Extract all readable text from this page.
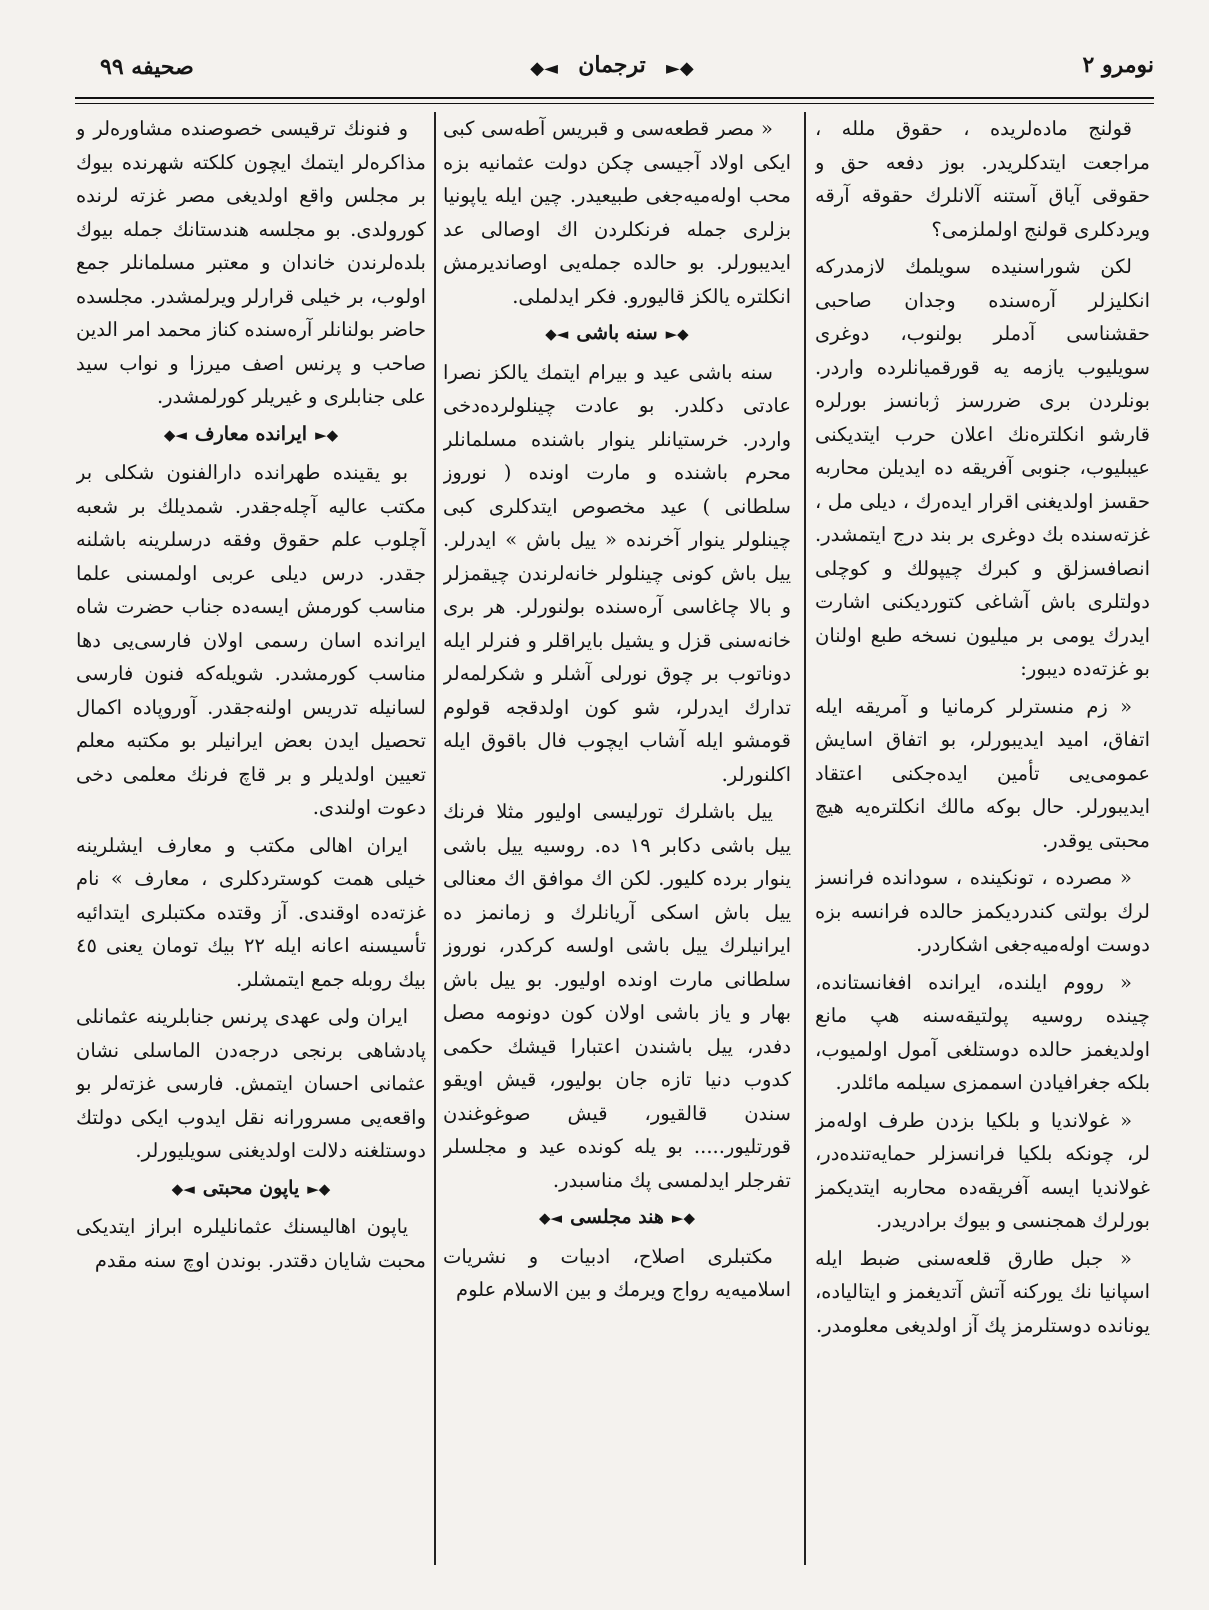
صحیفه ۹۹	◄◆ ترجمان ◆►	نومرو ۲
قولنج ماده‌لریده ، حقوق ملله ، مراجعت ایتدکلریدر. بوز دفعه حق و حقوقی آیاق آستنه آلانلرك حقوقه آرقه ویردکلری قولنج اولملزمی؟
لکن شوراسنیده سویلمك لازمدرکه انکلیزلر آره‌سنده وجدان صاحبی حقشناسی آدملر بولنوب، دوغری سویلیوب یازمه یه قورقمیانلرده واردر. بونلردن بری ضررسز ژبانسز بورلره قارشو انکلتره‌نك اعلان حرب ایتدیکنی عیبلیوب، جنوبی آفریقه ده ایدیلن محاربه حقسز اولدیغنی اقرار ایده‌رك ، دیلی مل ، غزته‌سنده بك دوغری بر بند درج ایتمشدر. انصافسزلق و کبرك چیپولك و کوچلی دولتلری باش آشاغی کتوردیکنی اشارت ایدرك یومی بر میلیون نسخه طبع اولنان بو غزته‌ده دیبور:
« زم منسترلر کرمانیا و آمریقه ایله اتفاق، امید ایدیبورلر، بو اتفاق اسایش عمومی‌یی تأمین ایده‌جکنی اعتقاد ایدیبورلر. حال بوکه مالك انکلتره‌یه هیچ محبتی یوقدر.
« مصرده ، تونکینده ، سوداندە فرانسز لرك بولتی کندردیکمز حالده فرانسه بزه دوست اوله‌میه‌جغی اشکاردر.
« رووم ایلنده، ایرانده افغانستانده، چینده روسیه پولتیقه‌سنه هپ مانع اولدیغمز حالده دوستلغی آمول اولمیوب، بلکه جغرافیادن اسممزی سیلمه مائلدر.
« غولاندیا و بلکیا بزدن طرف اوله‌مز لر، چونکه بلکیا فرانسزلر حمایه‌تنده‌در، غولاندیا ایسه آفریقه‌ده محاربه ایتدیکمز بورلرك همجنسی و بیوك برادریدر.
« جبل طارق قلعه‌سنی ضبط ایله اسپانیا نك یورکنه آتش آتدیغمز و ایتالیاده، یونانده دوستلرمز پك آز اولدیغی معلومدر.
« مصر قطعه‌سی و قبریس آطه‌سی کبی ایکی اولاد آجیسی چکن دولت عثمانیه بزه محب اوله‌میه‌جغی طبیعیدر. چین ایله یاپونیا بزلری جمله فرنکلردن اك اوصالی عد ایدیبورلر. بو حالده جمله‌یی اوصاندیرمش انکلتره یالکز قالیورو. فکر ایدلملی.
◆►سنه باشی◄◆
سنه باشی عید و بیرام ایتمك یالکز نصرا عادتی دکلدر. بو عادت چینلولرده‌دخی واردر. خرستیانلر ینوار باشنده مسلمانلر محرم باشنده و مارت اونده ( نوروز سلطانی ) عید مخصوص ایتدکلری کبی چینلولر ینوار آخرنده « ییل باش » ایدرلر. ییل باش کونی چینلولر خانه‌لرندن چیقمزلر و بالا چاغاسی آره‌سنده بولنورلر. هر بری خانه‌سنی قزل و یشیل بایراقلر و فنرلر ایله دوناتوب بر چوق نورلی آشلر و شکرلمه‌لر تدارك ایدرلر، شو کون اولدقجه قولوم قومشو ایله آشاب ایچوب فال باقوق ایله اکلنورلر.
ییل باشلرك تورلیسی اولیور مثلا فرنك ییل باشی دکابر ۱۹ ده. روسیه ییل باشی ینوار برده کلیور. لکن اك موافق اك معنالی ییل باش اسکی آریانلرك و زمانمز ده ایرانیلرك ییل باشی اولسه کرکدر، نوروز سلطانی مارت اونده اولیور. بو ییل باش بهار و یاز باشی اولان کون دونومه مصل دفدر، ییل باشندن اعتبارا قیشك حکمی کدوب دنیا تازه جان بولیور، قیش اویقو سندن قالقیور، قیش صوغوغندن قورتلیور..... بو یله کونده عید و مجلسلر تفرجلر ایدلمسی پك مناسبدر.
◆►هند مجلسی◄◆
مکتبلری اصلاح، ادبیات و نشریات اسلامیه‌یه رواج ویرمك و بین الاسلام علوم
و فنونك ترقیسی خصوصنده مشاوره‌لر و مذاکره‌لر ایتمك ایچون کلکته شهرنده بیوك بر مجلس واقع اولدیغی مصر غزته لرنده کورولدی. بو مجلسه هندستانك جمله بیوك بلده‌لرندن خاندان و معتبر مسلمانلر جمع اولوب، بر خیلی قرارلر ویرلمشدر. مجلسده حاضر بولنانلر آره‌سنده کناز محمد امر الدین صاحب و پرنس اصف میرزا و نواب سید علی جنابلری و غیریلر کورلمشدر.
◆►ایرانده معارف◄◆
بو یقینده طهرانده دارالفنون شکلی بر مکتب عالیه آچله‌جقدر. شمدیلك بر شعبه آچلوب علم حقوق وفقه درسلرینه باشلنه جقدر. درس دیلی عربی اولمسنی علما مناسب کورمش ایسه‌ده جناب حضرت شاه ایرانده اسان رسمی اولان فارسی‌یی دها مناسب کورمشدر. شویله‌که فنون فارسی لسانیله تدریس اولنه‌جقدر. آوروپاده اکمال تحصیل ایدن بعض ایرانیلر بو مکتبه معلم تعیین اولدیلر و بر قاچ فرنك معلمی دخی دعوت اولندی.
ایران اهالی مکتب و معارف ایشلرینه خیلی همت کوستردکلری ، معارف » نام غزته‌ده اوقندی. آز وقتده مکتبلری ایتدائیه تأسیسنه اعانه ایله ۲۲ بیك تومان یعنی ٤٥ بیك روبله جمع ایتمشلر.
ایران ولی عهدی پرنس جنابلرینه عثمانلی پادشاهی برنجی درجه‌دن الماسلی نشان عثمانی احسان ایتمش. فارسی غزته‌لر بو واقعه‌یی مسرورانه نقل ایدوب ایکی دولتك دوستلغنه دلالت اولدیغنی سویلیورلر.
◆►یاپون محبتی◄◆
یاپون اهالیسنك عثمانلیلره ابراز ایتدیکی محبت شایان دقتدر. بوندن اوچ سنه مقدم
